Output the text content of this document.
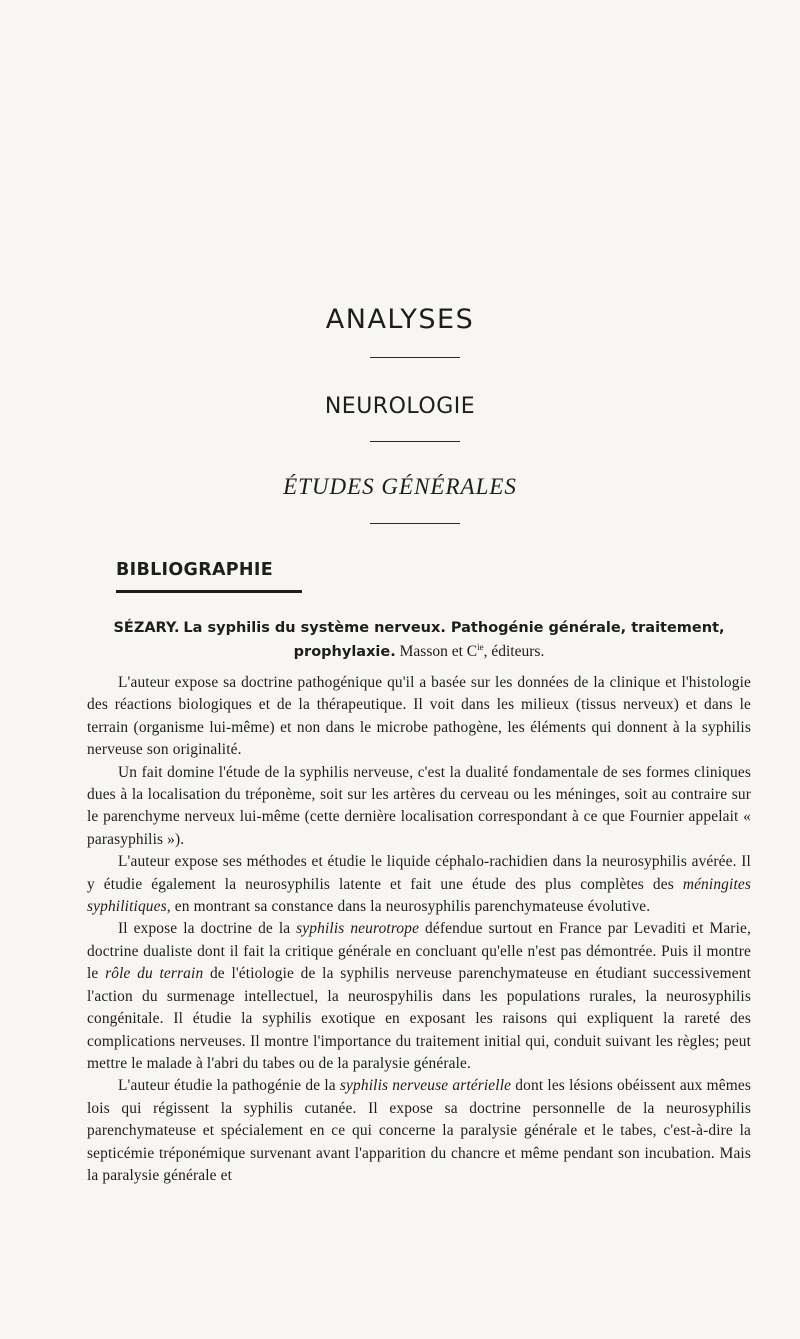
ANALYSES
NEUROLOGIE
ÉTUDES GÉNÉRALES
BIBLIOGRAPHIE
SÉZARY. La syphilis du système nerveux. Pathogénie générale, traitement, prophylaxie. Masson et $C^{ie}$, éditeurs.

L'auteur expose sa doctrine pathogénique qu'il a basée sur les données de la clinique et l'histologie des réactions biologiques et de la thérapeutique. Il voit dans les milieux (tissus nerveux) et dans le terrain (organisme lui-même) et non dans le microbe pathogène, les éléments qui donnent à la syphilis nerveuse son originalité.

Un fait domine l'étude de la syphilis nerveuse, c'est la dualité fondamentale de ses formes cliniques dues à la localisation du tréponème, soit sur les artères du cerveau ou les méninges, soit au contraire sur le parenchyme nerveux lui-même (cette dernière localisation correspondant à ce que Fournier appelait « parasyphilis »).

L'auteur expose ses méthodes et étudie le liquide céphalo-rachidien dans la neurosyphilis avérée. Il y étudie également la neurosyphilis latente et fait une étude des plus complètes des méningites syphilitiques, en montrant sa constance dans la neurosyphilis parenchymateuse évolutive.

Il expose la doctrine de la syphilis neurotrope défendue surtout en France par Levaditi et Marie, doctrine dualiste dont il fait la critique générale en concluant qu'elle n'est pas démontrée. Puis il montre le rôle du terrain de l'étiologie de la syphilis nerveuse parenchymateuse en étudiant successivement l'action du surmenage intellectuel, la neurospyhilis dans les populations rurales, la neurosyphilis congénitale. Il étudie la syphilis exotique en exposant les raisons qui expliquent la rareté des complications nerveuses. Il montre l'importance du traitement initial qui, conduit suivant les règles; peut mettre le malade à l'abri du tabes ou de la paralysie générale.

L'auteur étudie la pathogénie de la syphilis nerveuse artérielle dont les lésions obéissent aux mêmes lois qui régissent la syphilis cutanée. Il expose sa doctrine personnelle de la neurosyphilis parenchymateuse et spécialement en ce qui concerne la paralysie générale et le tabes, c'est-à-dire la septicémie tréponémique survenant avant l'apparition du chancre et même pendant son incubation. Mais la paralysie générale et
